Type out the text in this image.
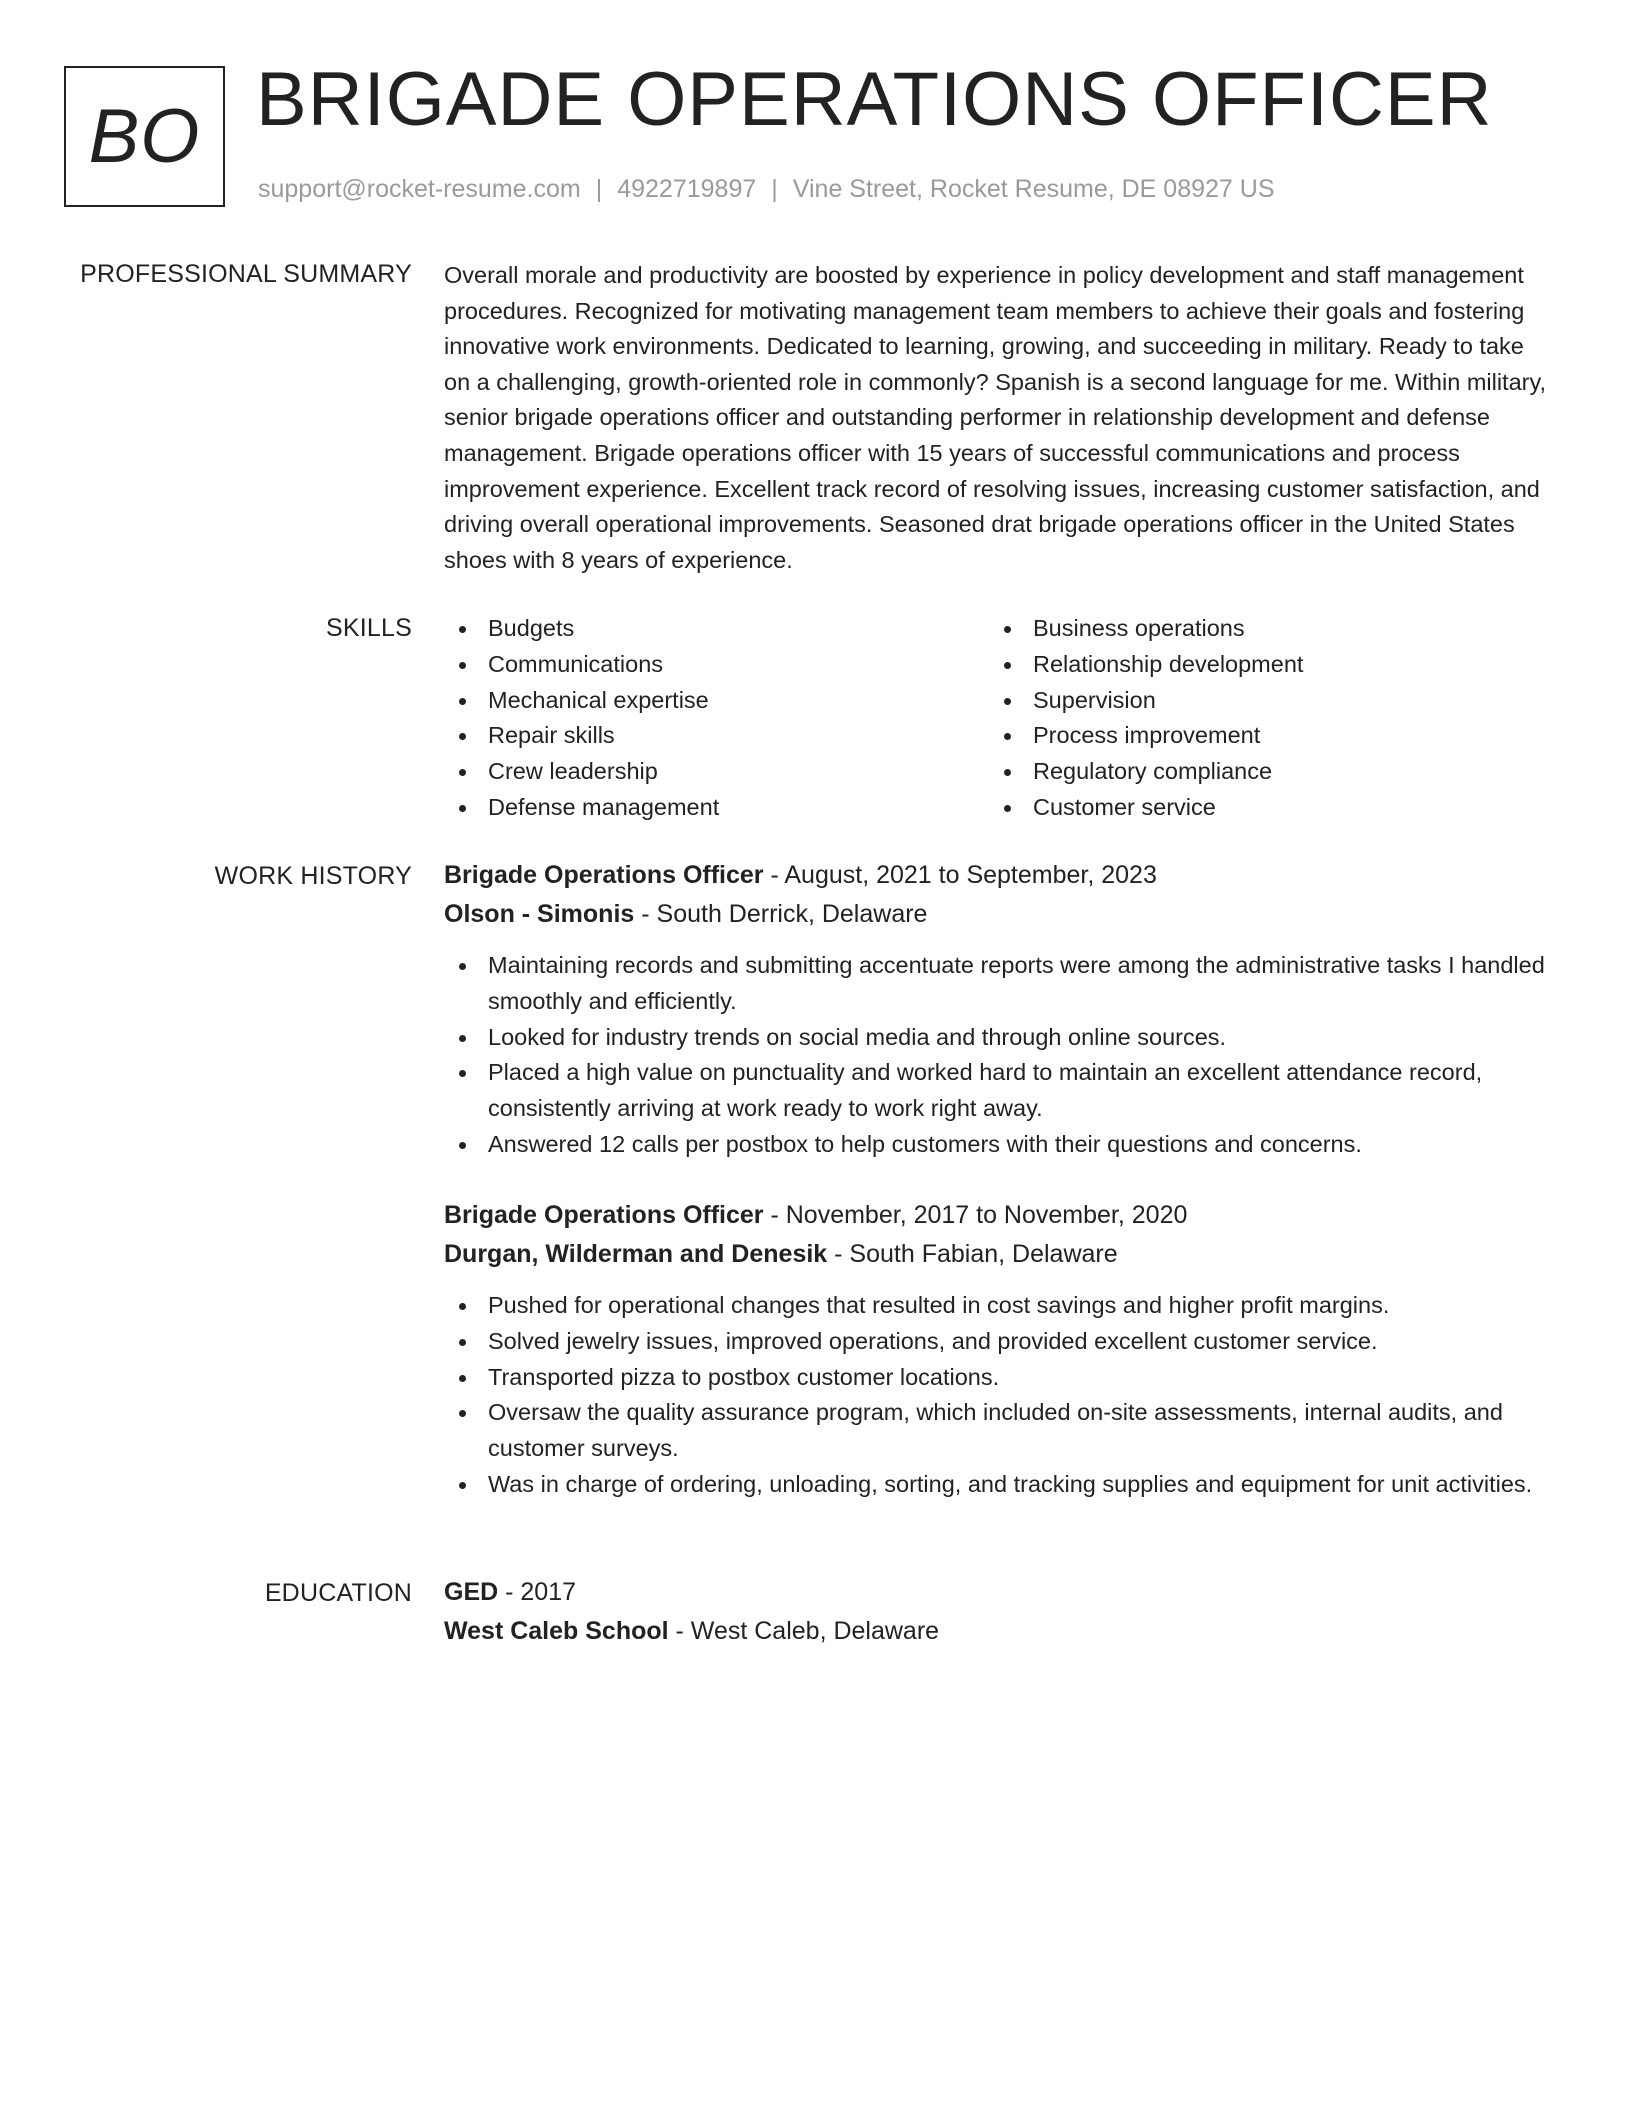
BO BRIGADE OPERATIONS OFFICER
support@rocket-resume.com | 4922719897 | Vine Street, Rocket Resume, DE 08927 US
PROFESSIONAL SUMMARY Overall morale and productivity are boosted by experience in policy development and staff management procedures. Recognized for motivating management team members to achieve their goals and fostering innovative work environments. Dedicated to learning, growing, and succeeding in military. Ready to take on a challenging, growth-oriented role in commonly? Spanish is a second language for me. Within military, senior brigade operations officer and outstanding performer in relationship development and defense management. Brigade operations officer with 15 years of successful communications and process improvement experience. Excellent track record of resolving issues, increasing customer satisfaction, and driving overall operational improvements. Seasoned drat brigade operations officer in the United States shoes with 8 years of experience.

SKILLS	Budgets
Communications
Mechanical expertise
Repair skills
Crew leadership
Defense management
Business operations
Relationship development
Supervision
Process improvement
Regulatory compliance
Customer service
WORK HISTORY Brigade Operations Officer - August, 2021 to September, 2023
Olson - Simonis - South Derrick, Delaware
Maintaining records and submitting accentuate reports were among the administrative tasks I handled smoothly and efficiently.
Looked for industry trends on social media and through online sources.
Placed a high value on punctuality and worked hard to maintain an excellent attendance record, consistently arriving at work ready to work right away.
Answered 12 calls per postbox to help customers with their questions and concerns.
Brigade Operations Officer - November, 2017 to November, 2020
Durgan, Wilderman and Denesik - South Fabian, Delaware
Pushed for operational changes that resulted in cost savings and higher profit margins.
Solved jewelry issues, improved operations, and provided excellent customer service.
Transported pizza to postbox customer locations.
Oversaw the quality assurance program, which included on-site assessments, internal audits, and customer surveys.
Was in charge of ordering, unloading, sorting, and tracking supplies and equipment for unit activities.
EDUCATION GED - 2017
West Caleb School - West Caleb, Delaware
